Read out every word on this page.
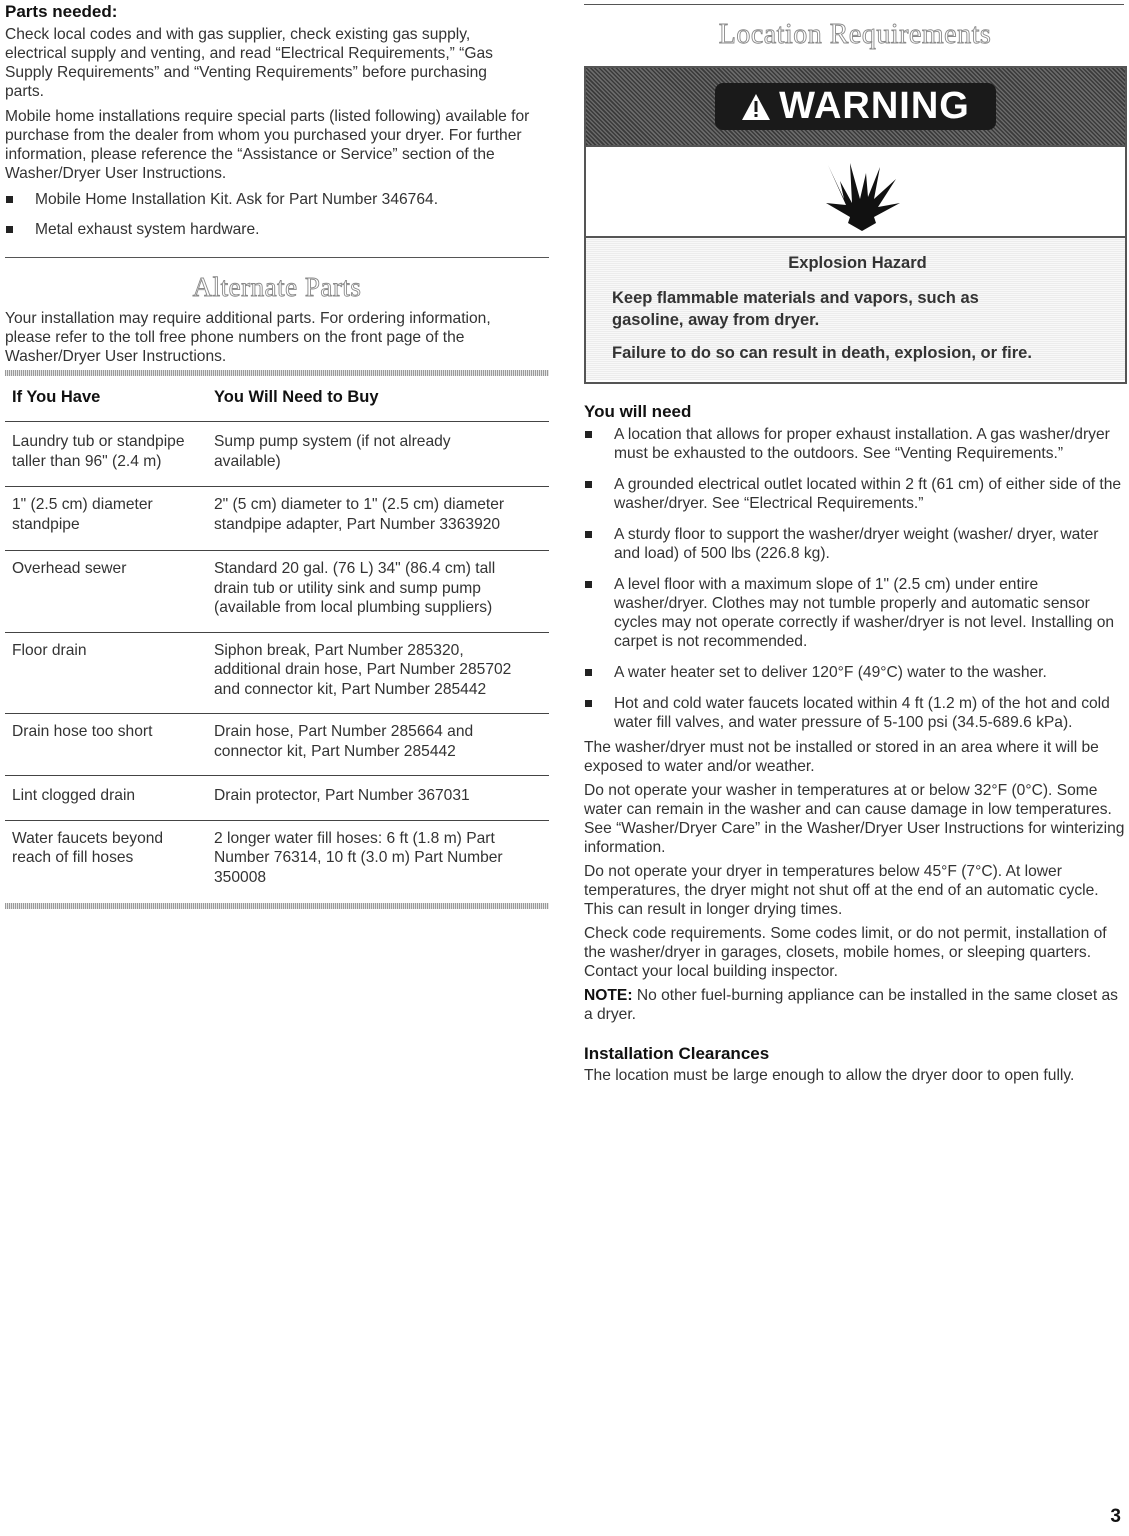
Parts needed:

Check local codes and with gas supplier, check existing gas supply, electrical supply and venting, and read “Electrical Requirements,” “Gas Supply Requirements” and “Venting Requirements” before purchasing parts.

Mobile home installations require special parts (listed following) available for purchase from the dealer from whom you purchased your dryer. For further information, please reference the “Assistance or Service” section of the Washer/Dryer User Instructions.

Mobile Home Installation Kit. Ask for Part Number 346764.
Metal exhaust system hardware.
Alternate Parts

Your installation may require additional parts. For ordering information, please refer to the toll free phone numbers on the front page of the Washer/Dryer User Instructions.

If You Have	You Will Need to Buy
Laundry tub or standpipe taller than 96" (2.4 m)	Sump pump system (if not already available)
1" (2.5 cm) diameter standpipe	2" (5 cm) diameter to 1" (2.5 cm) diameter standpipe adapter, Part Number 3363920
Overhead sewer	Standard 20 gal. (76 L) 34" (86.4 cm) tall drain tub or utility sink and sump pump (available from local plumbing suppliers)
Floor drain	Siphon break, Part Number 285320, additional drain hose, Part Number 285702 and connector kit, Part Number 285442
Drain hose too short	Drain hose, Part Number 285664 and connector kit, Part Number 285442
Lint clogged drain	Drain protector, Part Number 367031
Water faucets beyond reach of fill hoses	2 longer water fill hoses: 6 ft (1.8 m) Part Number 76314, 10 ft (3.0 m) Part Number 350008
Location Requirements
WARNING
Explosion Hazard

Keep flammable materials and vapors, such as gasoline, away from dryer.

Failure to do so can result in death, explosion, or fire.

You will need
A location that allows for proper exhaust installation. A gas washer/dryer must be exhausted to the outdoors. See “Venting Requirements.”
A grounded electrical outlet located within 2 ft (61 cm) of either side of the washer/dryer. See “Electrical Requirements.”
A sturdy floor to support the washer/dryer weight (washer/ dryer, water and load) of 500 lbs (226.8 kg).
A level floor with a maximum slope of 1" (2.5 cm) under entire washer/dryer. Clothes may not tumble properly and automatic sensor cycles may not operate correctly if washer/dryer is not level. Installing on carpet is not recommended.
A water heater set to deliver 120°F (49°C) water to the washer.
Hot and cold water faucets located within 4 ft (1.2 m) of the hot and cold water fill valves, and water pressure of 5-100 psi (34.5-689.6 kPa).

The washer/dryer must not be installed or stored in an area where it will be exposed to water and/or weather.

Do not operate your washer in temperatures at or below 32°F (0°C). Some water can remain in the washer and can cause damage in low temperatures. See “Washer/Dryer Care” in the Washer/Dryer User Instructions for winterizing information.

Do not operate your dryer in temperatures below 45°F (7°C). At lower temperatures, the dryer might not shut off at the end of an automatic cycle. This can result in longer drying times.

Check code requirements. Some codes limit, or do not permit, installation of the washer/dryer in garages, closets, mobile homes, or sleeping quarters. Contact your local building inspector.

NOTE: No other fuel-burning appliance can be installed in the same closet as a dryer.

Installation Clearances

The location must be large enough to allow the dryer door to open fully.

3
